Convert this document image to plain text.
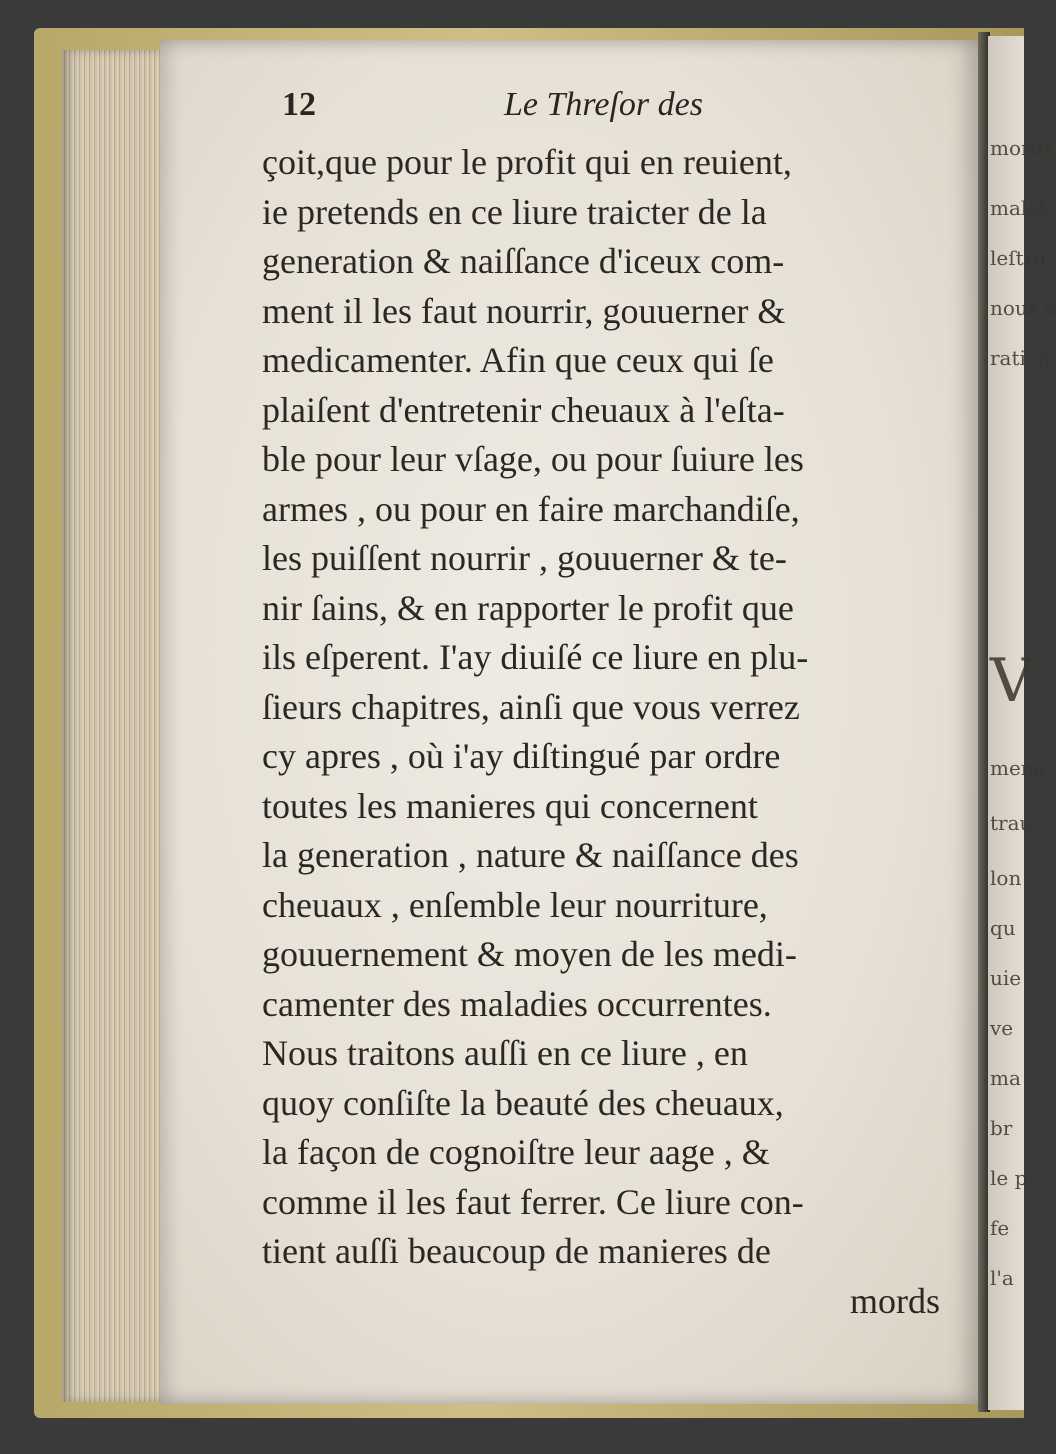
mords
malet
leſtru
nous a
ration
V
mena
trau
lon
qu
uie
ve
ma
br
le p
fe
l'a
12	Le Threſor des
çoit,que pour le profit qui en reuient,
ie pretends en ce liure traicter de la
generation & naiſſance d'iceux com-
ment il les faut nourrir, gouuerner &
medicamenter. Afin que ceux qui ſe
plaiſent d'entretenir cheuaux à l'eſta-
ble pour leur vſage, ou pour ſuiure les
armes , ou pour en faire marchandiſe,
les puiſſent nourrir , gouuerner & te-
nir ſains, & en rapporter le profit que
ils eſperent. I'ay diuiſé ce liure en plu-
ſieurs chapitres, ainſi que vous verrez
cy apres , où i'ay diſtingué par ordre
toutes les manieres qui concernent
la generation , nature & naiſſance des
cheuaux , enſemble leur nourriture,
gouuernement & moyen de les medi-
camenter des maladies occurrentes.
Nous traitons auſſi en ce liure , en
quoy conſiſte la beauté des cheuaux,
la façon de cognoiſtre leur aage , &
comme il les faut ferrer. Ce liure con-
tient auſſi beaucoup de manieres de
mords
